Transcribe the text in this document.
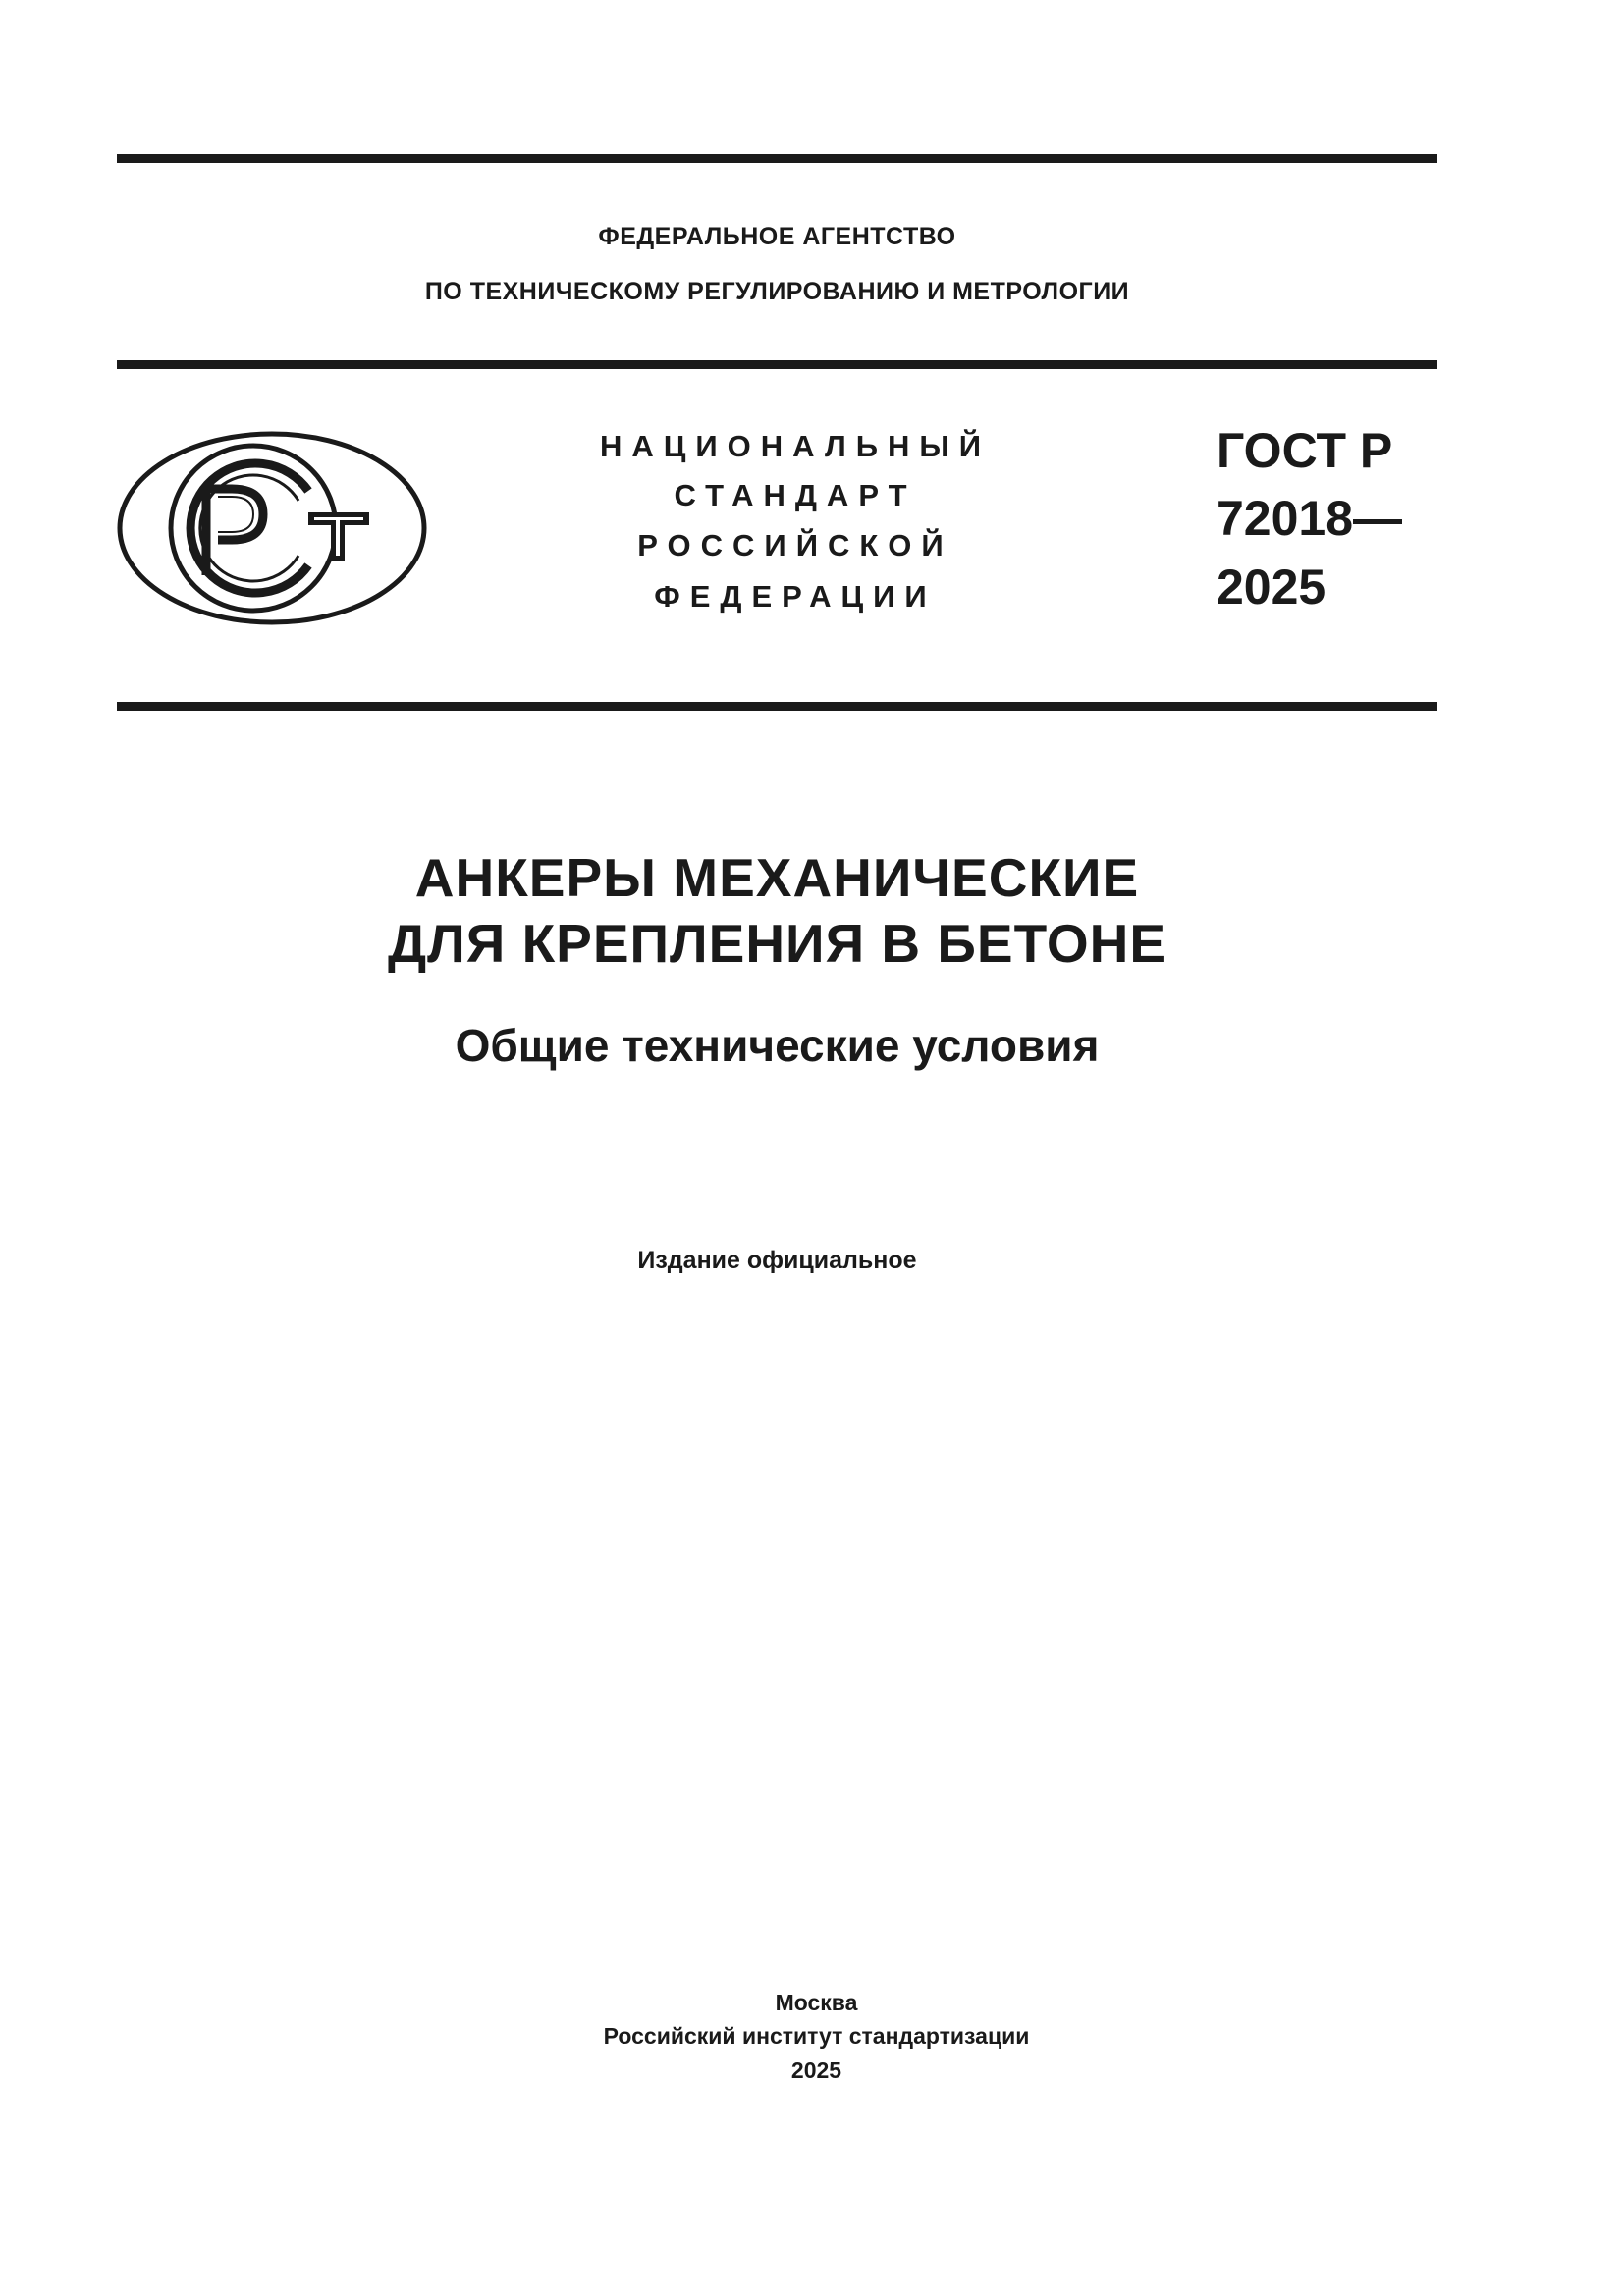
ФЕДЕРАЛЬНОЕ АГЕНТСТВО
ПО ТЕХНИЧЕСКОМУ РЕГУЛИРОВАНИЮ И МЕТРОЛОГИИ
НАЦИОНАЛЬНЫЙ
СТАНДАРТ
РОССИЙСКОЙ
ФЕДЕРАЦИИ
ГОСТ Р
72018—
2025
АНКЕРЫ МЕХАНИЧЕСКИЕ
ДЛЯ КРЕПЛЕНИЯ В БЕТОНЕ
Общие технические условия
Издание официальное
Москва
Российский институт стандартизации
2025
